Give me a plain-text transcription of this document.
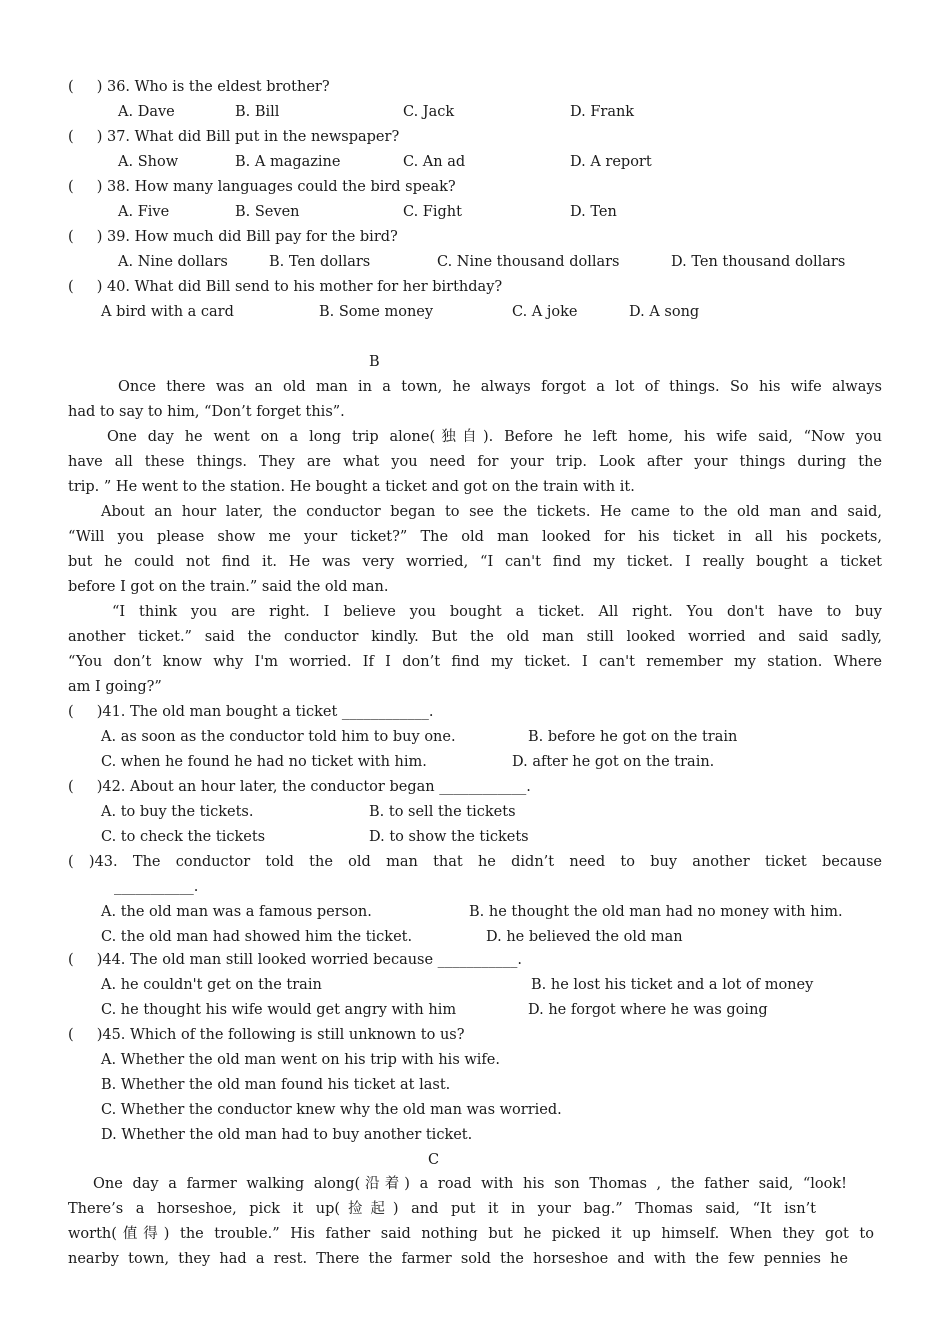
(     ) 36. Who is the eldest brother?
A. Dave	B. Bill	C. Jack	D. Frank
(     ) 37. What did Bill put in the newspaper?
A. Show	B. A magazine	C. An ad	D. A report
(     ) 38. How many languages could the bird speak?
A. Five	B. Seven	C. Fight	D. Ten
(     ) 39. How much did Bill pay for the bird?
A. Nine dollars	B. Ten dollars	C. Nine thousand dollars	D. Ten thousand dollars
(     ) 40. What did Bill send to his mother for her birthday?
A bird with a card	B. Some money	C. A joke	D. A song
B
Once there was an old man in a town, he always forgot a lot of things. So his wife always
had to say to him, “Don’t forget this”.
One day he went on a long trip alone(独自). Before he left home, his wife said, “Now you
have all these things. They are what you need for your trip. Look after your things during the
trip. ” He went to the station. He bought a ticket and got on the train with it.
About an hour later, the conductor began to see the tickets. He came to the old man and said,
“Will you please show me your ticket?” The old man looked for his ticket in all his pockets,
but he could not find it. He was very worried, “I can't find my ticket. I really bought a ticket
before I got on the train.” said the old man.
“I think you are right. I believe you bought a ticket. All right. You don't have to buy
another ticket.” said the conductor kindly. But the old man still looked worried and said sadly,
“You don’t know why I'm worried. If I don’t find my ticket. I can't remember my station. Where
am I going?”
(     )41. The old man bought a ticket ____________.
A. as soon as the conductor told him to buy one.	B. before he got on the train
C. when he found he had no ticket with him.	D. after he got on the train.
(     )42. About an hour later, the conductor began ____________.
A. to buy the tickets.	B. to sell the tickets
C. to check the tickets	D. to show the tickets
( )43. The conductor told the old man that he didn’t need to buy another ticket because
___________.
A. the old man was a famous person.	B. he thought the old man had no money with him.
C. the old man had showed him the ticket.	D. he believed the old man
(     )44. The old man still looked worried because ___________.
A. he couldn't get on the train	B. he lost his ticket and a lot of money
C. he thought his wife would get angry with him	D. he forgot where he was going
(     )45. Which of the following is still unknown to us?
A. Whether the old man went on his trip with his wife.
B. Whether the old man found his ticket at last.
C. Whether the conductor knew why the old man was worried.
D. Whether the old man had to buy another ticket.
C
One day a farmer walking along(沿着) a road with his son Thomas , the father said, “look!
There’s a horseshoe, pick it up(捡起) and put it in your bag.” Thomas said, “It isn’t
worth(值得) the trouble.” His father said nothing but he picked it up himself. When they got to
nearby town, they had a rest. There the farmer sold the horseshoe and with the few pennies he
